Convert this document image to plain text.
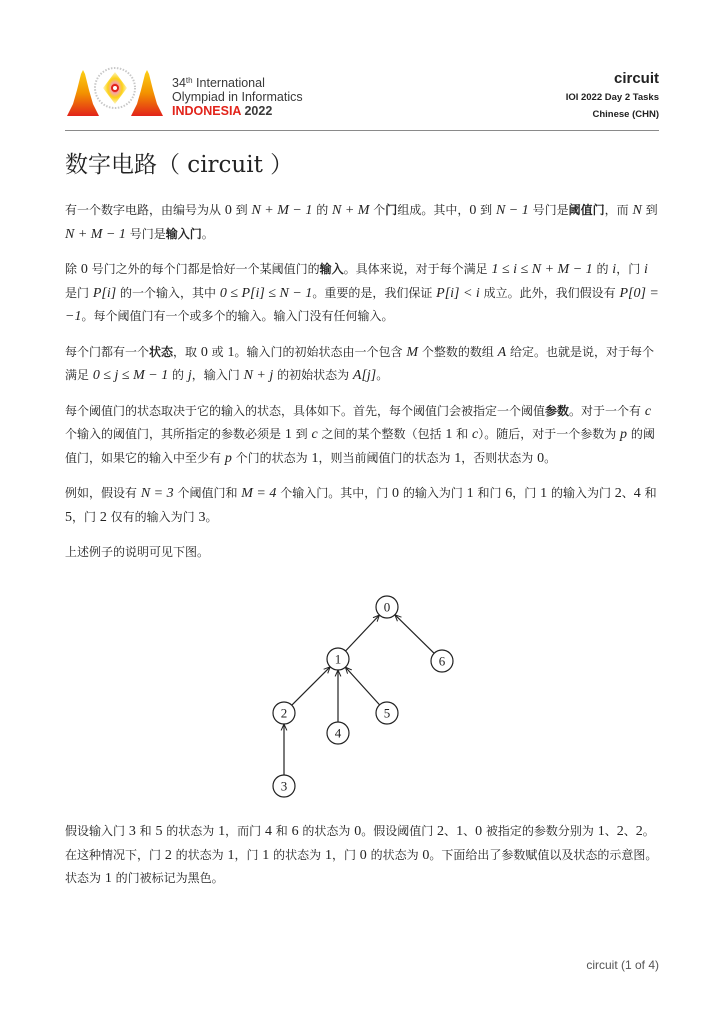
34th International
Olympiad in Informatics
INDONESIA 2022
circuit
IOI 2022 Day 2 Tasks
Chinese (CHN)
数字电路（ circuit ）

有一个数字电路，由编号为从 0 到 N + M − 1 的 N + M 个门组成。其中，0 到 N − 1 号门是阈值门，而 N 到 N + M − 1 号门是输入门。

除 0 号门之外的每个门都是恰好一个某阈值门的输入。具体来说，对于每个满足 1 ≤ i ≤ N + M − 1 的 i，门 i 是门 P[i] 的一个输入，其中 0 ≤ P[i] ≤ N − 1。重要的是，我们保证 P[i] < i 成立。此外，我们假设有 P[0] = −1。每个阈值门有一个或多个的输入。输入门没有任何输入。

每个门都有一个状态，取 0 或 1。输入门的初始状态由一个包含 M 个整数的数组 A 给定。也就是说，对于每个满足 0 ≤ j ≤ M − 1 的 j，输入门 N + j 的初始状态为 A[j]。

每个阈值门的状态取决于它的输入的状态，具体如下。首先，每个阈值门会被指定一个阈值参数。对于一个有 c 个输入的阈值门，其所指定的参数必须是 1 到 c 之间的某个整数（包括 1 和 c）。随后，对于一个参数为 p 的阈值门，如果它的输入中至少有 p 个门的状态为 1，则当前阈值门的状态为 1，否则状态为 0。

例如，假设有 N = 3 个阈值门和 M = 4 个输入门。其中，门 0 的输入为门 1 和门 6，门 1 的输入为门 2、4 和5，门 2 仅有的输入为门 3。

上述例子的说明可见下图。

0
1
2
3
4
5
6

假设输入门 3 和 5 的状态为 1，而门 4 和 6 的状态为 0。假设阈值门 2、1、0 被指定的参数分别为 1、2、2。在这种情况下，门 2 的状态为 1，门 1 的状态为 1，门 0 的状态为 0。下面给出了参数赋值以及状态的示意图。状态为 1 的门被标记为黑色。

circuit (1 of 4)
